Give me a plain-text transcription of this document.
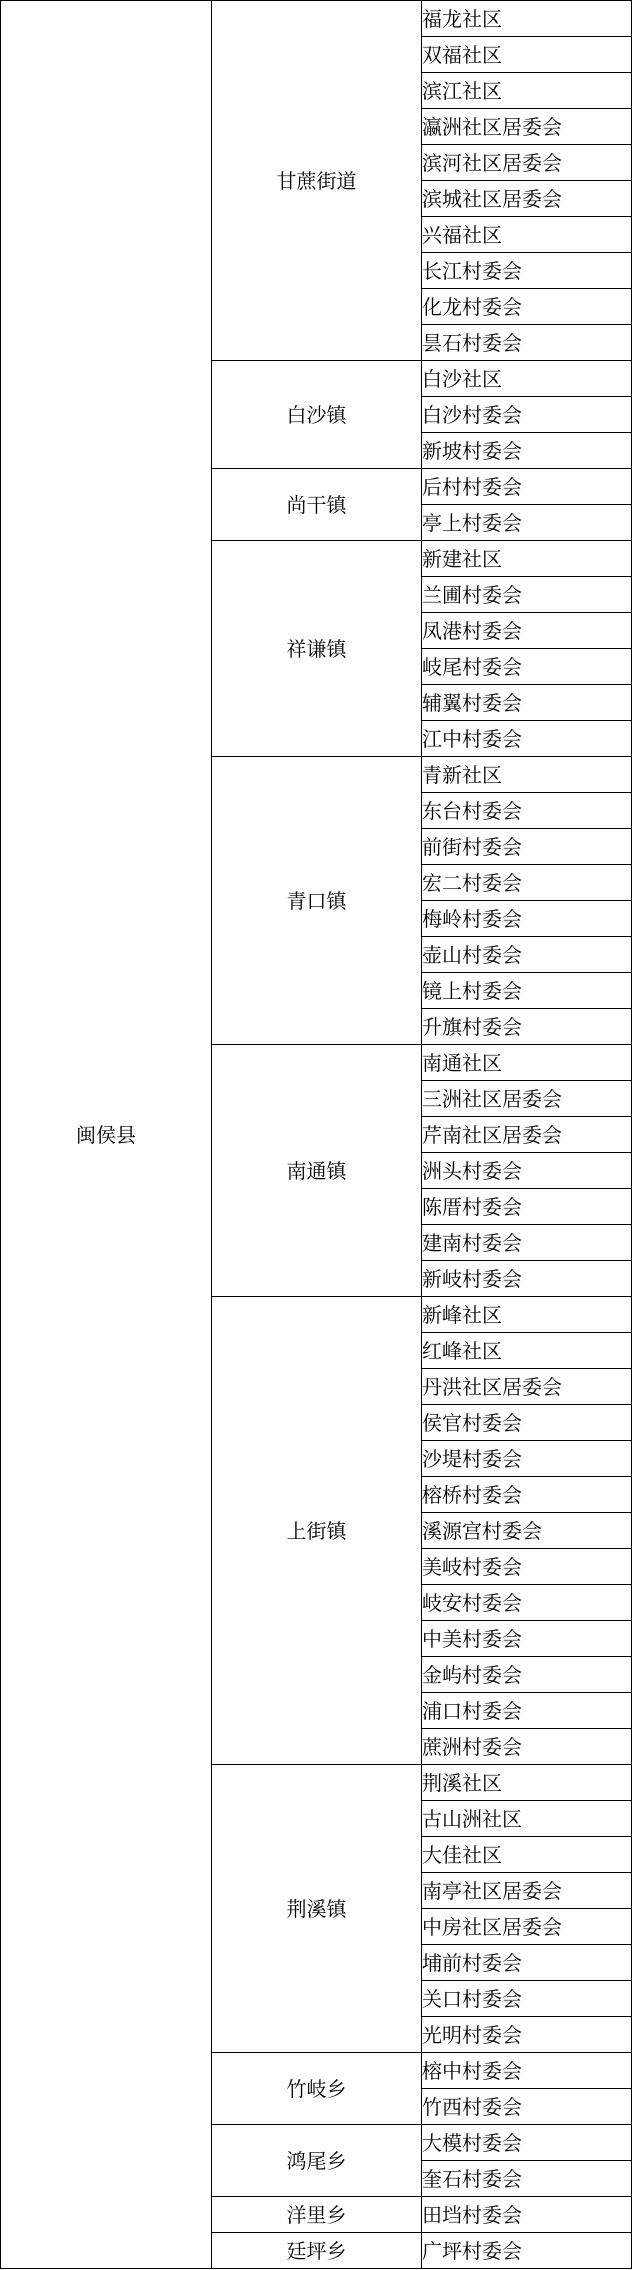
闽侯县	甘蔗街道	福龙社区
		双福社区
		滨江社区
		瀛洲社区居委会
		滨河社区居委会
		滨城社区居委会
		兴福社区
		长江村委会
		化龙村委会
		昙石村委会
	白沙镇	白沙社区
		白沙村委会
		新坡村委会
	尚干镇	后村村委会
		亭上村委会
	祥谦镇	新建社区
		兰圃村委会
		凤港村委会
		岐尾村委会
		辅翼村委会
		江中村委会
	青口镇	青新社区
		东台村委会
		前街村委会
		宏二村委会
		梅岭村委会
		壶山村委会
		镜上村委会
		升旗村委会
	南通镇	南通社区
		三洲社区居委会
		芹南社区居委会
		洲头村委会
		陈厝村委会
		建南村委会
		新岐村委会
	上街镇	新峰社区
		红峰社区
		丹洪社区居委会
		侯官村委会
		沙堤村委会
		榕桥村委会
		溪源宫村委会
		美岐村委会
		岐安村委会
		中美村委会
		金屿村委会
		浦口村委会
		蔗洲村委会
	荆溪镇	荆溪社区
		古山洲社区
		大佳社区
		南亭社区居委会
		中房社区居委会
		埔前村委会
		关口村委会
		光明村委会
	竹岐乡	榕中村委会
		竹西村委会
	鸿尾乡	大模村委会
		奎石村委会
	洋里乡	田垱村委会
	廷坪乡	广坪村委会
